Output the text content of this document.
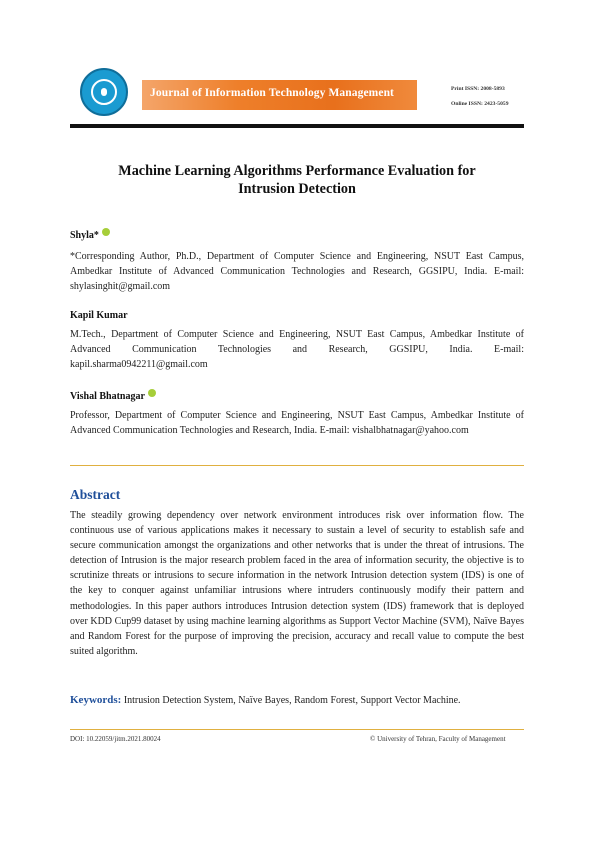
Journal of Information Technology Management	Print ISSN: 2008-5893
Online ISSN: 2423-5059
Machine Learning Algorithms Performance Evaluation for
Intrusion Detection
Shyla*
*Corresponding Author, Ph.D., Department of Computer Science and Engineering, NSUT East Campus, Ambedkar Institute of Advanced Communication Technologies and Research, GGSIPU, India. E-mail: shylasinghit@gmail.com
Kapil Kumar
M.Tech., Department of Computer Science and Engineering, NSUT East Campus, Ambedkar Institute of Advanced Communication Technologies and Research, GGSIPU, India. E-mail: kapil.sharma0942211@gmail.com
Vishal Bhatnagar
Professor, Department of Computer Science and Engineering, NSUT East Campus, Ambedkar Institute of Advanced Communication Technologies and Research, India. E-mail: vishalbhatnagar@yahoo.com
Abstract
The steadily growing dependency over network environment introduces risk over information flow. The continuous use of various applications makes it necessary to sustain a level of security to establish safe and secure communication amongst the organizations and other networks that is under the threat of intrusions. The detection of Intrusion is the major research problem faced in the area of information security, the objective is to scrutinize threats or intrusions to secure information in the network Intrusion detection system (IDS) is one of the key to conquer against unfamiliar intrusions where intruders continuously modify their pattern and methodologies. In this paper authors introduces Intrusion detection system (IDS) framework that is deployed over KDD Cup99 dataset by using machine learning algorithms as Support Vector Machine (SVM), Naïve Bayes and Random Forest for the purpose of improving the precision, accuracy and recall value to compute the best suited algorithm.
Keywords: Intrusion Detection System, Naïve Bayes, Random Forest, Support Vector Machine.
DOI: 10.22059/jitm.2021.80024	© University of Tehran, Faculty of Management
